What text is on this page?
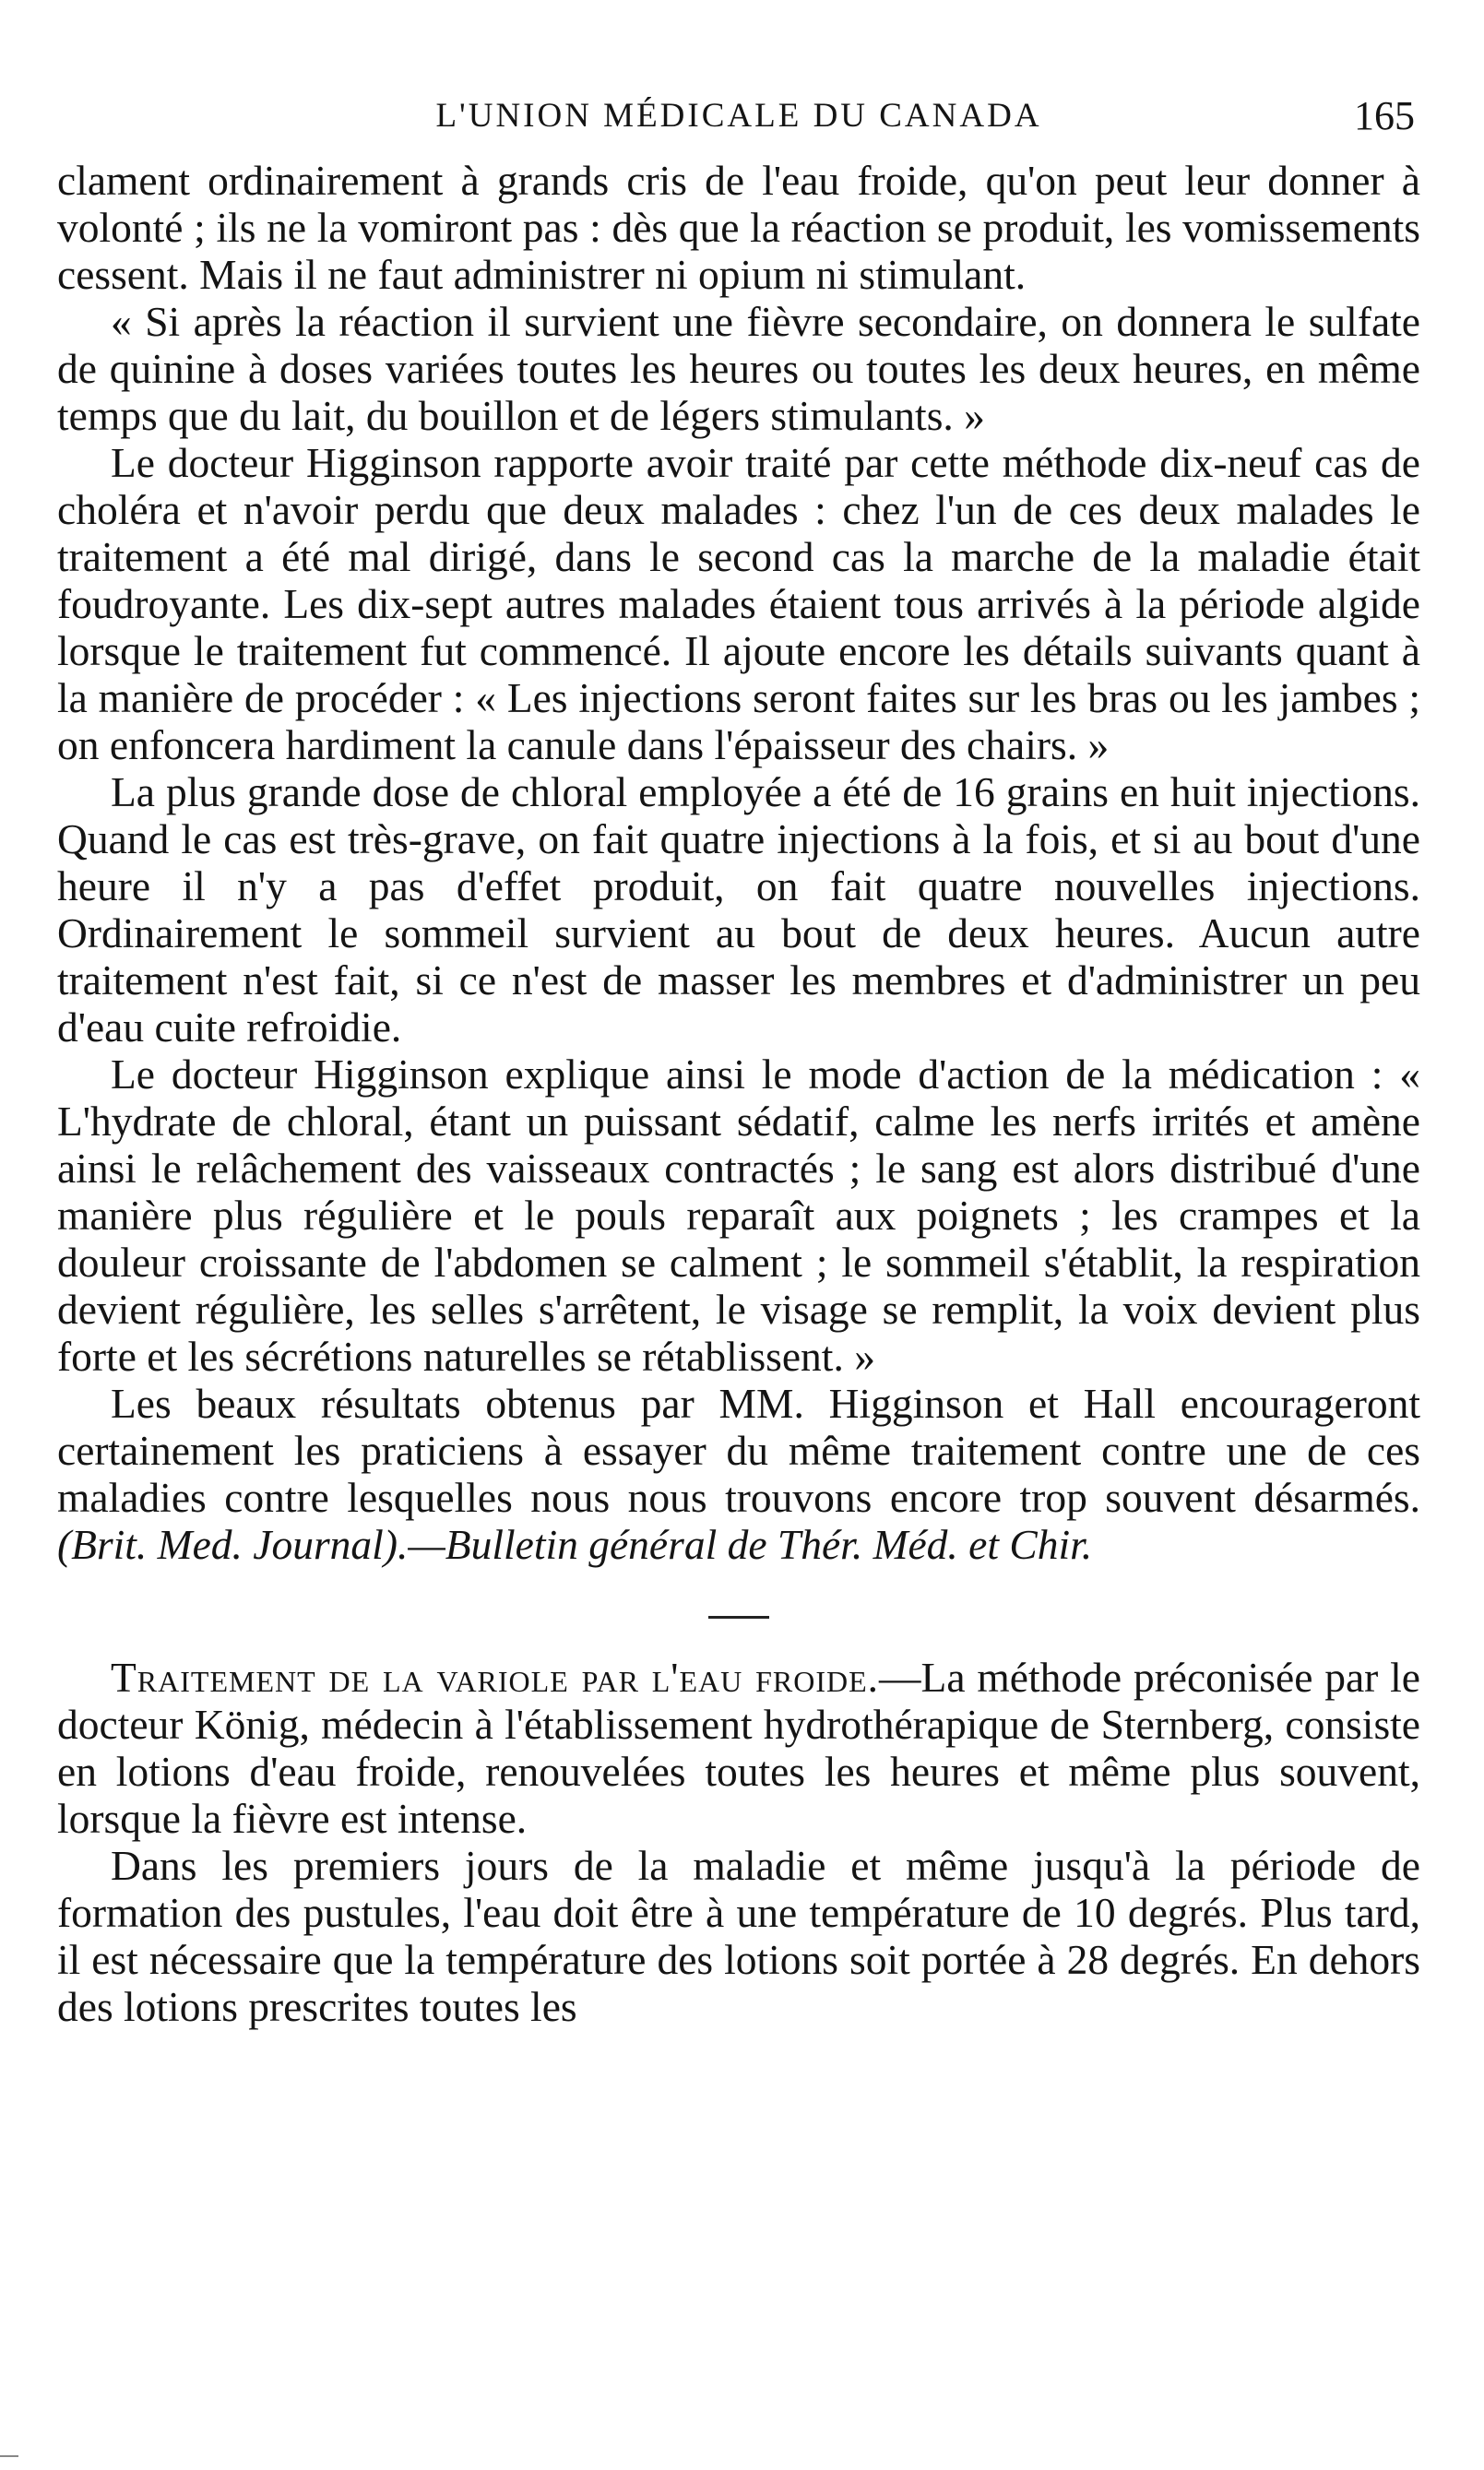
L'UNION MÉDICALE DU CANADA	165

clament ordinairement à grands cris de l'eau froide, qu'on peut leur donner à volonté ; ils ne la vomiront pas : dès que la réaction se produit, les vomissements cessent. Mais il ne faut administrer ni opium ni stimulant.

« Si après la réaction il survient une fièvre secondaire, on donnera le sulfate de quinine à doses variées toutes les heures ou toutes les deux heures, en même temps que du lait, du bouillon et de légers stimulants. »

Le docteur Higginson rapporte avoir traité par cette méthode dix-neuf cas de choléra et n'avoir perdu que deux malades : chez l'un de ces deux malades le traitement a été mal dirigé, dans le second cas la marche de la maladie était foudroyante. Les dix-sept autres malades étaient tous arrivés à la période algide lorsque le traitement fut commencé. Il ajoute encore les détails suivants quant à la manière de procéder : « Les injections seront faites sur les bras ou les jambes ; on enfoncera hardiment la canule dans l'épaisseur des chairs. »

La plus grande dose de chloral employée a été de 16 grains en huit injections. Quand le cas est très-grave, on fait quatre injections à la fois, et si au bout d'une heure il n'y a pas d'effet produit, on fait quatre nouvelles injections. Ordinairement le sommeil survient au bout de deux heures. Aucun autre traitement n'est fait, si ce n'est de masser les membres et d'administrer un peu d'eau cuite refroidie.

Le docteur Higginson explique ainsi le mode d'action de la médication : « L'hydrate de chloral, étant un puissant sédatif, calme les nerfs irrités et amène ainsi le relâchement des vaisseaux contractés ; le sang est alors distribué d'une manière plus régulière et le pouls reparaît aux poignets ; les crampes et la douleur croissante de l'abdomen se calment ; le sommeil s'établit, la respiration devient régulière, les selles s'arrêtent, le visage se remplit, la voix devient plus forte et les sécrétions naturelles se rétablissent. »

Les beaux résultats obtenus par MM. Higginson et Hall encourageront certainement les praticiens à essayer du même traitement contre une de ces maladies contre lesquelles nous nous trouvons encore trop souvent désarmés. (Brit. Med. Journal).—Bulletin général de Thér. Méd. et Chir.

Traitement de la variole par l'eau froide.—La méthode préconisée par le docteur König, médecin à l'établissement hydrothérapique de Sternberg, consiste en lotions d'eau froide, renouvelées toutes les heures et même plus souvent, lorsque la fièvre est intense.

Dans les premiers jours de la maladie et même jusqu'à la période de formation des pustules, l'eau doit être à une température de 10 degrés. Plus tard, il est nécessaire que la température des lotions soit portée à 28 degrés. En dehors des lotions prescrites toutes les
